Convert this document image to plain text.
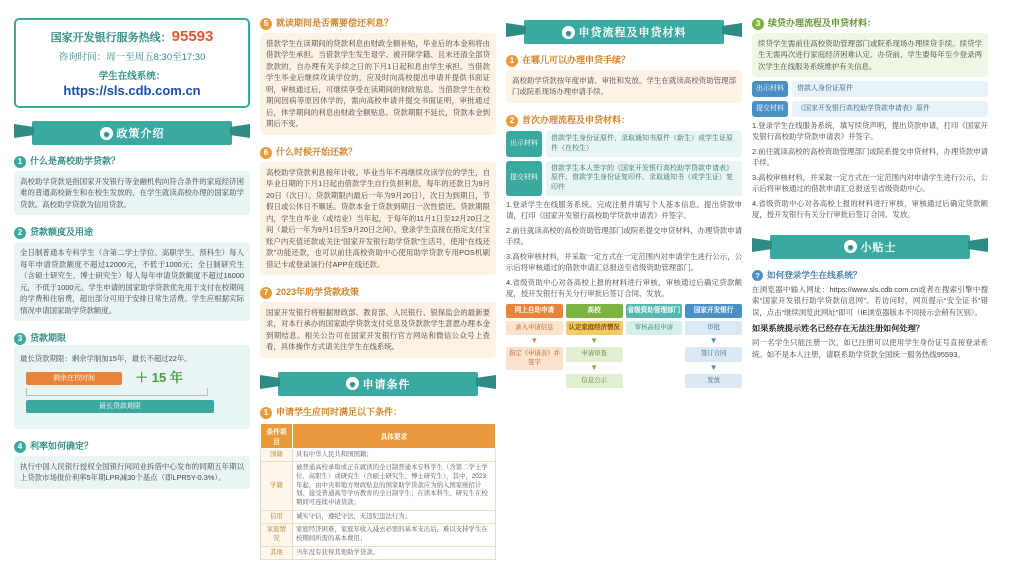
国家开发银行服务热线：95593
咨询时间：周一至周五8:30至17:30
学生在线系统：
https://sls.cdb.com.cn
◉ 政策介绍
1 什么是高校助学贷款？
高校助学贷款是指国家开发银行等金融机构向符合条件的家庭经济困难的普通高校新生和在校生发放的、在学生就读高校办理的国家助学贷款。高校助学贷款为信用贷款。
2 贷款额度及用途
全日制普通本专科学生（含第二学士学位、高职学生、预科生）每人每年申请贷款额度不超过12000元，不低于1000元；全日制研究生（含硕士研究生、博士研究生）每人每年申请贷款额度不超过16000元，不低于1000元。学生申请的国家助学贷款优先用于支付在校期间的学费和住宿费，超出部分可用于安排日常生活费。学生应根据实际情况申请国家助学贷款额度。
3 贷款期限
最长贷款期限：剩余学制加15年，最长不超过22年。
剩余在校时间	＋ 15 年
最长贷款期限
4 利率如何确定？
执行中国人民银行授权全国银行间同业拆借中心发布的同期五年期以上贷款市场报价利率5年期LPR减30个基点（即LPR5Y-0.3%）。
5 就读期间是否需要偿还利息？
借款学生在读期间的贷款利息由财政全额补贴，毕业后的本金利将由借款学生承担。当借款学生发生退学、被开除学籍、且未还清全部贷款款的，自办理有关手续之日的下月1日起和息由学生承担。当借款学生毕业后继续攻读学位的，应及时向高校提出申请并提供书面证明，审核通过后，可继续享受在读期间的财政贴息。当借款学生在校期间因病等原因休学的，需向高校申请并提交书面证明，审批通过后，休学期间的利息由财政全额贴息。贷款期限不延长，贷款本金到期后不变。
6 什么时候开始还款？
高校助学贷款利息接年计收。毕业当年不再继续攻读学位的学生，自毕业日期的下月1日起由借款学生自行负担利息，每年的还款日为9月20日（次日）。贷款期限内最后一年为9月20日），次日为到期日，节假日或公休日不顺延。贷款本金于贷款到期日一次性偿还。贷款期限内，学生自毕业（或结业）当年起，于每年的11月1日至12月20日之间（最后一年为9月1日至9月20日之间），登录学生直接在指定支付宝账户内充值还款或关注“国家开发银行助学贷款”生活号，使用“在线还款”功能还款，也可以前往高校资助中心使用助学贷款专用POS机刷借记卡或登录该行付APP在线还款。
7 2023年助学贷款政策
国家开发银行将根据财政部、教育部、人民银行、银保监会的最新要求，对本行承办的国家助学贷款支付兑息及贷款款学生意愿办理本金到期结息。相关公告可在国家开发银行官方网站和微信公众号上查看，具体操作方式请关注学生在线系统。
◉ 申请条件
1 申请学生应同时满足以下条件：
条件项目	具体要求
国籍	具有中华人民共和国国籍；
学籍	被普通高校录取或正在就读的全日制普通本专科学生（含第二学士学位、高职生）或研究生（含硕士研究生、博士研究生），其中，2023年起，由中央和地方财政贴息的国家助学贷款应为纳入国家统招计划、接受普通高等学历教育的全日制学生；在读本科生、研究生在校期间可连续申请贷款；
信用	诚实守信，遵纪守法，无违纪违法行为；
家庭情况	家庭经济困难，家庭年收入减去必需的基本支出后，难以支持学生在校期间所需的基本费用；
其他	当年没有获得其他助学贷款。
◉ 申贷流程及申贷材料
1 在哪儿可以办理申贷手续？
高校助学贷款按年度申请、审批和发放。学生在就读高校资助管理部门或院系现场办理申请手续。
2 首次办理流程及申贷材料：
出示材料
借款学生身份证原件、录取通知书原件（新生）或学生证原件（在校生）
提交材料
借款学生本人签字的《国家开发银行高校助学贷款申请表》原件、借款学生身份证复印件、录取通知书（或学生证）复印件
1.登录学生在线服务系统。完成注册并填写个人基本信息。提出贷款申请，打印《国家开发银行高校助学贷款申请表》并签字。
2.前往就读高校的高校资助管理部门或院系提交申贷材料，办理贷款申请手续。
3.高校审核材料，并采取一定方式在一定范围内对申请学生进行公示，公示后将审核通过的借款申请汇总报送至省级资助管理部门。
4.省级资助中心对各高校上报的材料进行审核，审核通过后确定贷款额度，授开发银行有关分行审批后签订合同、发放。
网上自助申请
录入申请信息
▼
指定《申请表》并签字
高校
认定家庭经济情况
▼
申请审查
▼
信息公示
省级资助管理部门
审核高校申请
国家开发银行
审批
▼
签订合同
▼
发放
3 续贷办理流程及申贷材料：
续贷学生需前往高校资助管理部门或院系现场办理续贷手续。续贷学生无需再次进行家庭经济困难认定、办贷前、学生要每年至少登录两次学生在线服务系统维护有关信息。
出示材料	借款人身份证原件
提交材料	《国家开发银行高校助学贷款申请表》原件
1.登录学生在线服务系统，填写续贷声明，提出贷款申请，打印《国家开发银行高校助学贷款申请表》并签字。
2.前往就读高校的高校资助管理部门或院系提交申贷材料，办理贷款申请手续。
3.高校审核材料，并采取一定方式在一定范围内对申请学生进行公示，公示后将审核通过的借款申请汇总报送至省级资助中心。
4.省级资助中心对各高校上报的材料进行审核，审核通过后确定贷款额度，授开发银行有关分行审批后签订合同、发放。
◉ 小贴士
? 如何登录学生在线系统？
在浏览器中输入网址：https://www.sls.cdb.com.cn或者在搜索引擎中搜索“国家开发银行助学贷款信息网”。若访问时，网页提示“安全证书”错误，点击“继续浏览此网址”即可（IE浏览器版本不同接示会稍有区别）。
如果系统提示姓名已经存在无法注册如何处理？
同一名学生只能注册一次，如已注册可以使用学生身份证号直接登录系统。如不是本人注册，请联系助学贷款全国统一服务热线95593。
